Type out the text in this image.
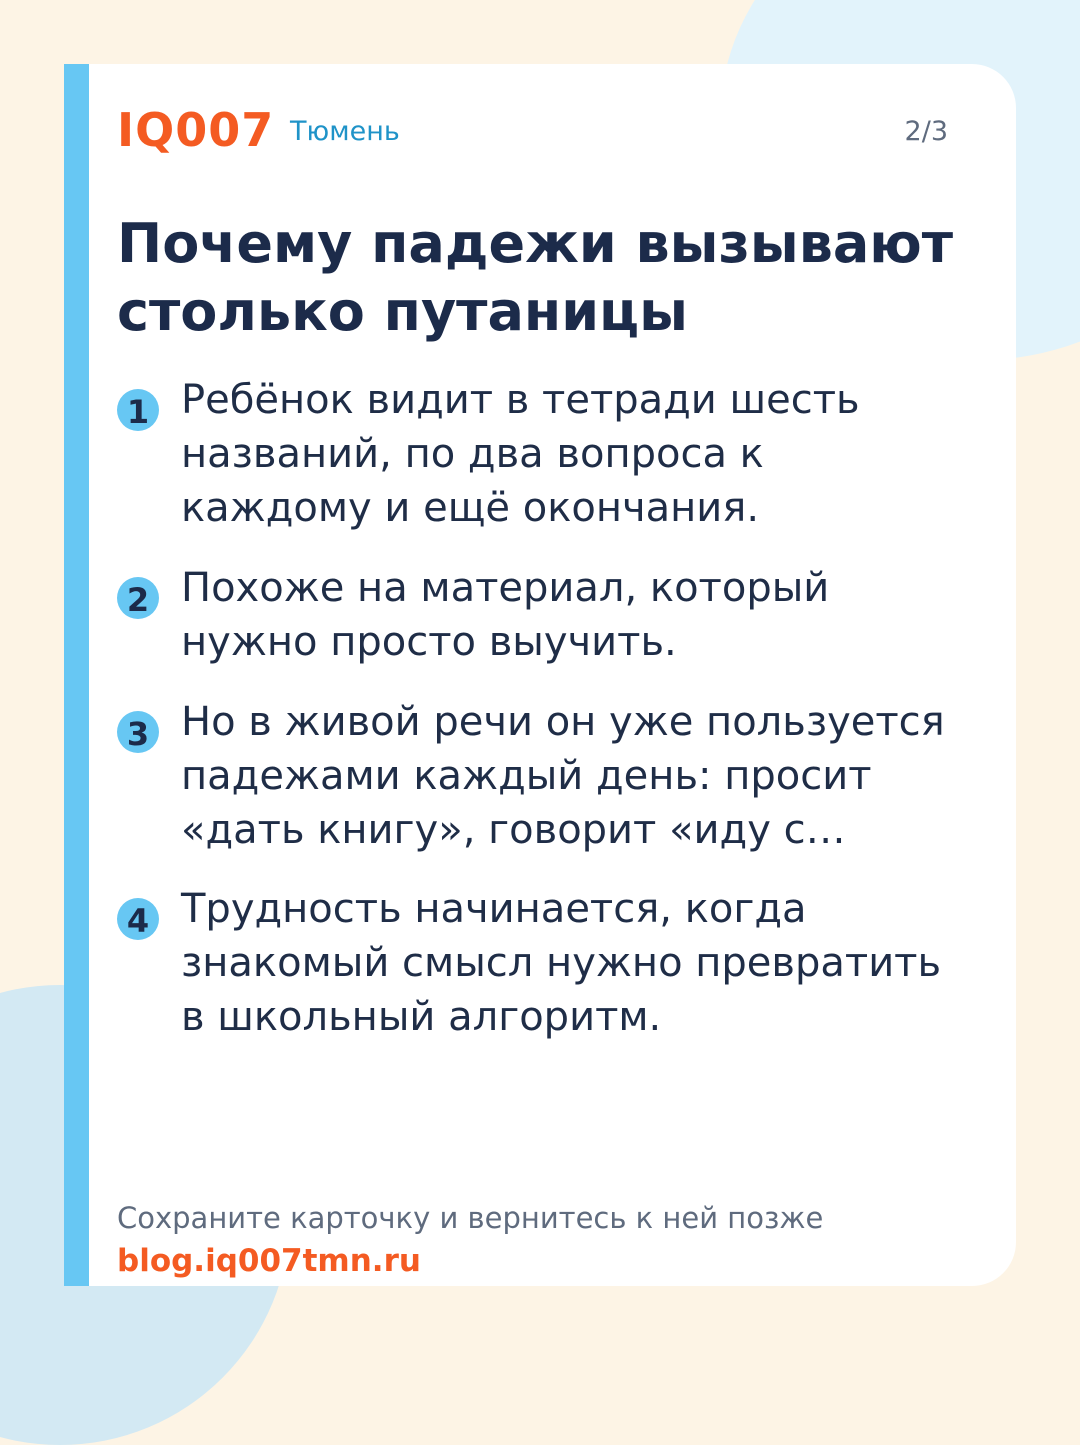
IQ007 Тюмень	2/3
Почему падежи вызывают
столько путаницы
1 Ребёнок видит в тетради шесть
названий, по два вопроса к
каждому и ещё окончания.

2 Похоже на материал, который
нужно просто выучить.

3 Но в живой речи он уже пользуется
падежами каждый день: просит
«дать книгу», говорит «иду с…

4 Трудность начинается, когда
знакомый смысл нужно превратить
в школьный алгоритм.

Сохраните карточку и вернитесь к ней позже
blog.iq007tmn.ru
